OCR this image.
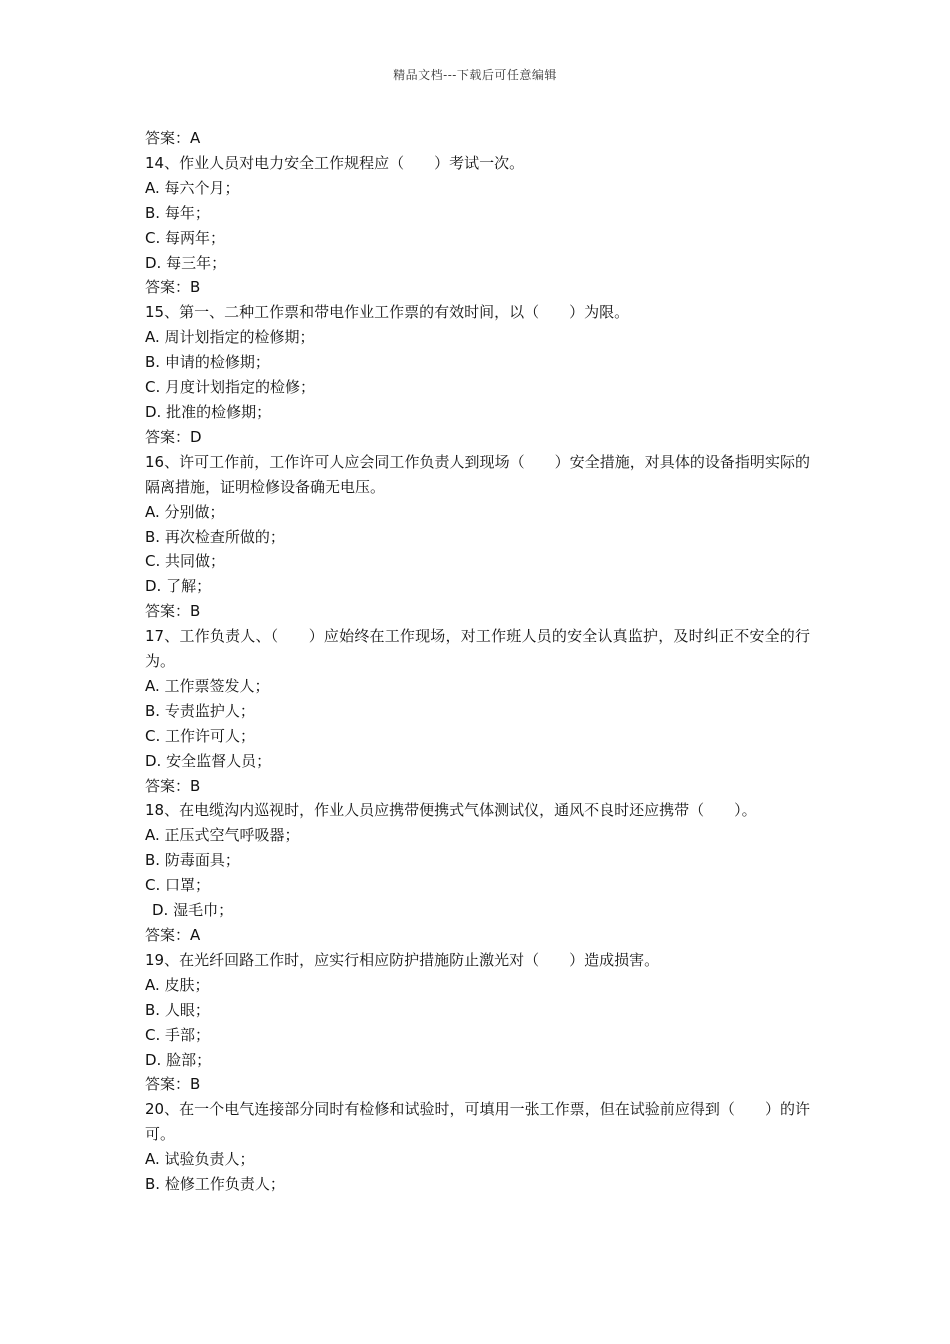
精品文档---下载后可任意编辑
答案：A
14、作业人员对电力安全工作规程应（　　）考试一次。
A. 每六个月；
B. 每年；
C. 每两年；
D. 每三年；
答案：B
15、第一、二种工作票和带电作业工作票的有效时间，以（　　）为限。
A. 周计划指定的检修期；
B. 申请的检修期；
C. 月度计划指定的检修；
D. 批准的检修期；
答案：D
16、许可工作前，工作许可人应会同工作负责人到现场（　　）安全措施，对具体的设备指明实际的隔离措施，证明检修设备确无电压。
A. 分别做；
B. 再次检查所做的；
C. 共同做；
D. 了解；
答案：B
17、工作负责人、（　　）应始终在工作现场，对工作班人员的安全认真监护，及时纠正不安全的行为。
A. 工作票签发人；
B. 专责监护人；
C. 工作许可人；
D. 安全监督人员；
答案：B
18、在电缆沟内巡视时，作业人员应携带便携式气体测试仪，通风不良时还应携带（　　）。
A. 正压式空气呼吸器；
B. 防毒面具；
C. 口罩；
D. 湿毛巾；
答案：A
19、在光纤回路工作时，应实行相应防护措施防止激光对（　　）造成损害。
A. 皮肤；
B. 人眼；
C. 手部；
D. 脸部；
答案：B
20、在一个电气连接部分同时有检修和试验时，可填用一张工作票，但在试验前应得到（　　）的许可。
A. 试验负责人；
B. 检修工作负责人；
